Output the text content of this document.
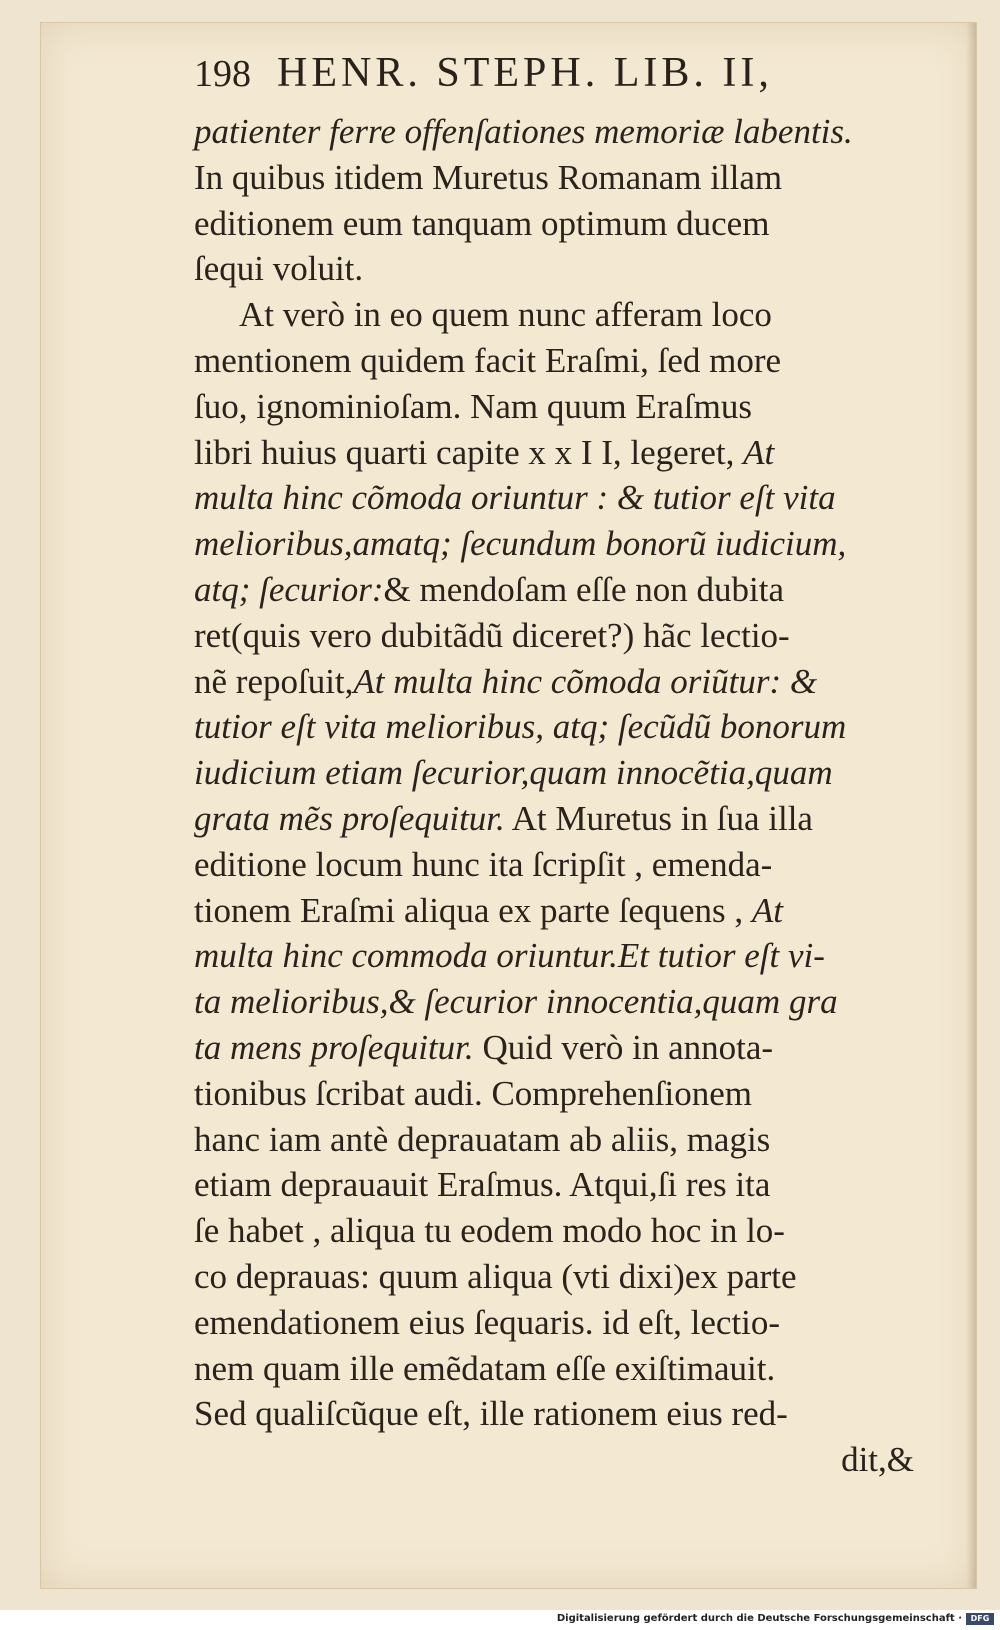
198 HENR. STEPH. LIB. II,
patienter ferre offenſationes memoriæ labentis.
In quibus itidem Muretus Romanam illam
editionem eum tanquam optimum ducem
ſequi voluit.
At verò in eo quem nunc afferam loco
mentionem quidem facit Eraſmi, ſed more
ſuo, ignominioſam. Nam quum Eraſmus
libri huius quarti capite x x I I, legeret, At
multa hinc cõmoda oriuntur : & tutior eſt vita
melioribus,amatq; ſecundum bonorũ iudicium,
atq; ſecurior:& mendoſam eſſe non dubita
ret(quis vero dubitãdũ diceret?) hãc lectio-
nẽ repoſuit,At multa hinc cõmoda oriũtur: &
tutior eſt vita melioribus, atq; ſecũdũ bonorum
iudicium etiam ſecurior,quam innocẽtia,quam
grata mẽs proſequitur. At Muretus in ſua illa
editione locum hunc ita ſcripſit , emenda-
tionem Eraſmi aliqua ex parte ſequens , At
multa hinc commoda oriuntur.Et tutior eſt vi-
ta melioribus,& ſecurior innocentia,quam gra
ta mens proſequitur. Quid verò in annota-
tionibus ſcribat audi. Comprehenſionem
hanc iam antè deprauatam ab aliis, magis
etiam deprauauit Eraſmus. Atqui,ſi res ita
ſe habet , aliqua tu eodem modo hoc in lo-
co deprauas: quum aliqua (vti dixi)ex parte
emendationem eius ſequaris. id eſt, lectio-
nem quam ille emẽdatam eſſe exiſtimauit.
Sed qualiſcũque eſt, ille rationem eius red-
dit,&
Digitalisierung gefördert durch die Deutsche Forschungsgemeinschaft ·	DFG
